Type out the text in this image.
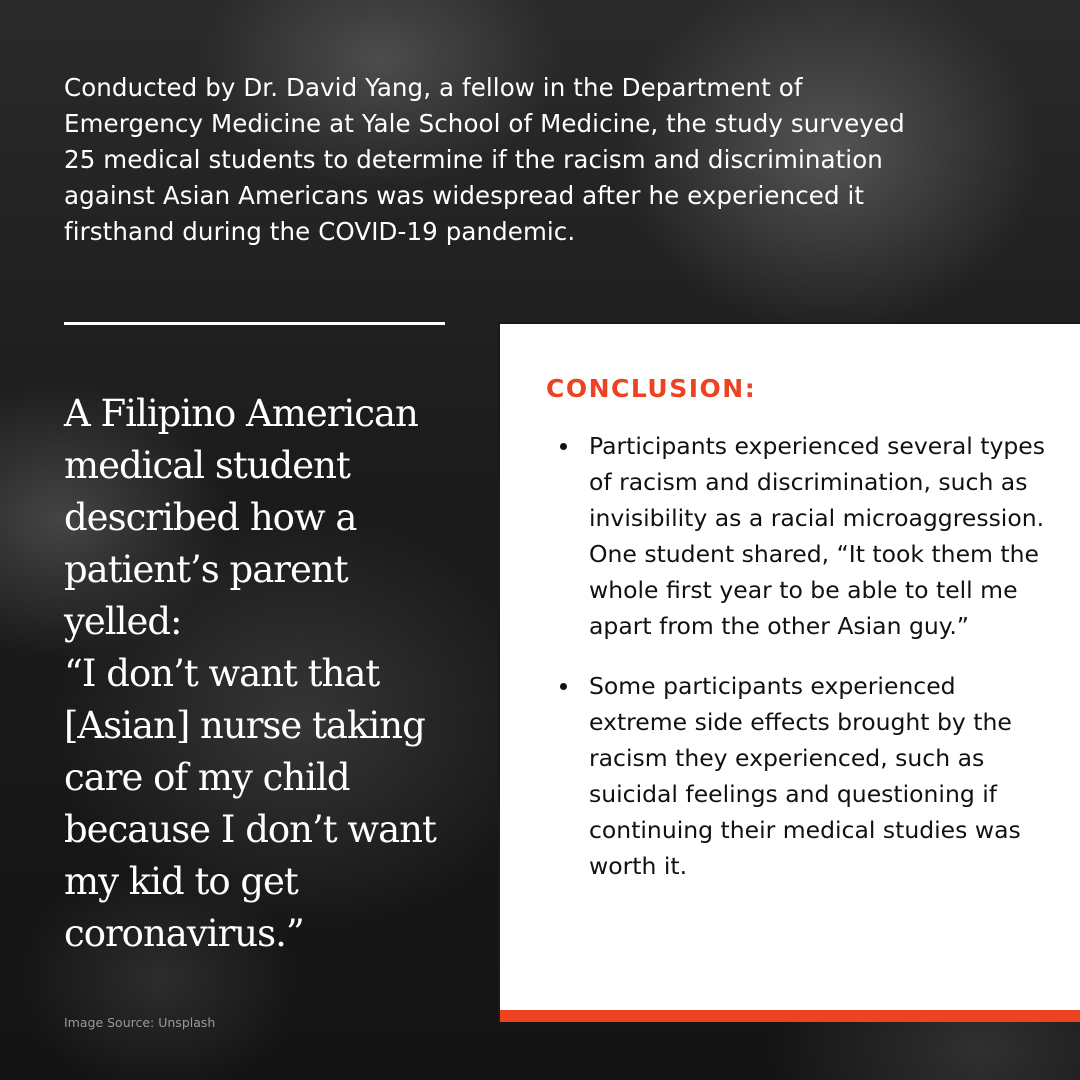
Conducted by Dr. David Yang, a fellow in the Department of Emergency Medicine at Yale School of Medicine, the study surveyed 25 medical students to determine if the racism and discrimination against Asian Americans was widespread after he experienced it firsthand during the COVID-19 pandemic.

A Filipino American medical student described how a patient’s parent yelled:

“I don’t want that [Asian] nurse taking care of my child because I don’t want my kid to get coronavirus.”

CONCLUSION:
Participants experienced several types of racism and discrimination, such as invisibility as a racial microaggression. One student shared, “It took them the whole first year to be able to tell me apart from the other Asian guy.”
Some participants experienced extreme side effects brought by the racism they experienced, such as suicidal feelings and questioning if continuing their medical studies was worth it.
Image Source: Unsplash
